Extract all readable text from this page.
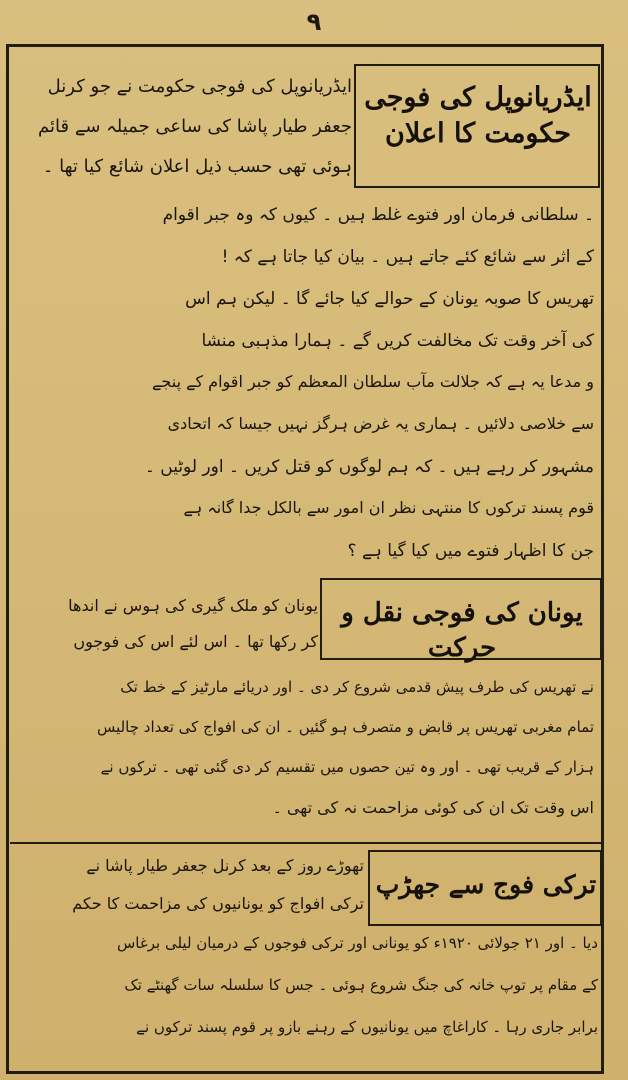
٩
ایڈریانوپل کی فوجی
حکومت کا اعلان
ایڈریانوپل کی فوجی حکومت نے جو کرنل
جعفر طیار پاشا کی ساعی جمیلہ سے قائم
ہوئی تھی حسب ذیل اعلان شائع کیا تھا ۔
۔ سلطانی فرمان اور فتوے غلط ہیں ۔ کیوں کہ وہ جبر اقوام
کے اثر سے شائع کئے جاتے ہیں ۔ بیان کیا جاتا ہے کہ !
تھریس کا صوبہ یونان کے حوالے کیا جائے گا ۔ لیکن ہم اس
کی آخر وقت تک مخالفت کریں گے ۔ ہمارا مذہبی منشا
و مدعا یہ ہے کہ جلالت مآب سلطان المعظم کو جبر اقوام کے پنجے
سے خلاصی دلائیں ۔ ہماری یہ غرض ہرگز نہیں جیسا کہ اتحادی
مشہور کر رہے ہیں ۔ کہ ہم لوگوں کو قتل کریں ۔ اور لوٹیں ۔
قوم پسند ترکوں کا منتہی نظر ان امور سے بالکل جدا گانہ ہے
جن کا اظہار فتوے میں کیا گیا ہے ؟
یونان کی فوجی نقل و حرکت
یونان کو ملک گیری کی ہوس نے اندھا
کر رکھا تھا ۔ اس لئے اس کی فوجوں
نے تھریس کی طرف پیش قدمی شروع کر دی ۔ اور دریائے مارٹیز کے خط تک
تمام مغربی تھریس پر قابض و متصرف ہو گئیں ۔ ان کی افواج کی تعداد چالیس
ہزار کے قریب تھی ۔ اور وہ تین حصوں میں تقسیم کر دی گئی تھی ۔ ترکوں نے
اس وقت تک ان کی کوئی مزاحمت نہ کی تھی ۔
ترکی فوج سے جھڑپ
تھوڑے روز کے بعد کرنل جعفر طیار پاشا نے
ترکی افواج کو یونانیوں کی مزاحمت کا حکم
دیا ۔ اور ۲۱ جولائی ۱۹۲۰ء کو یونانی اور ترکی فوجوں کے درمیان لیلی برغاس
کے مقام پر توپ خانہ کی جنگ شروع ہوئی ۔ جس کا سلسلہ سات گھنٹے تک
برابر جاری رہا ۔ کاراغاچ میں یونانیوں کے رہنے بازو پر قوم پسند ترکوں نے
